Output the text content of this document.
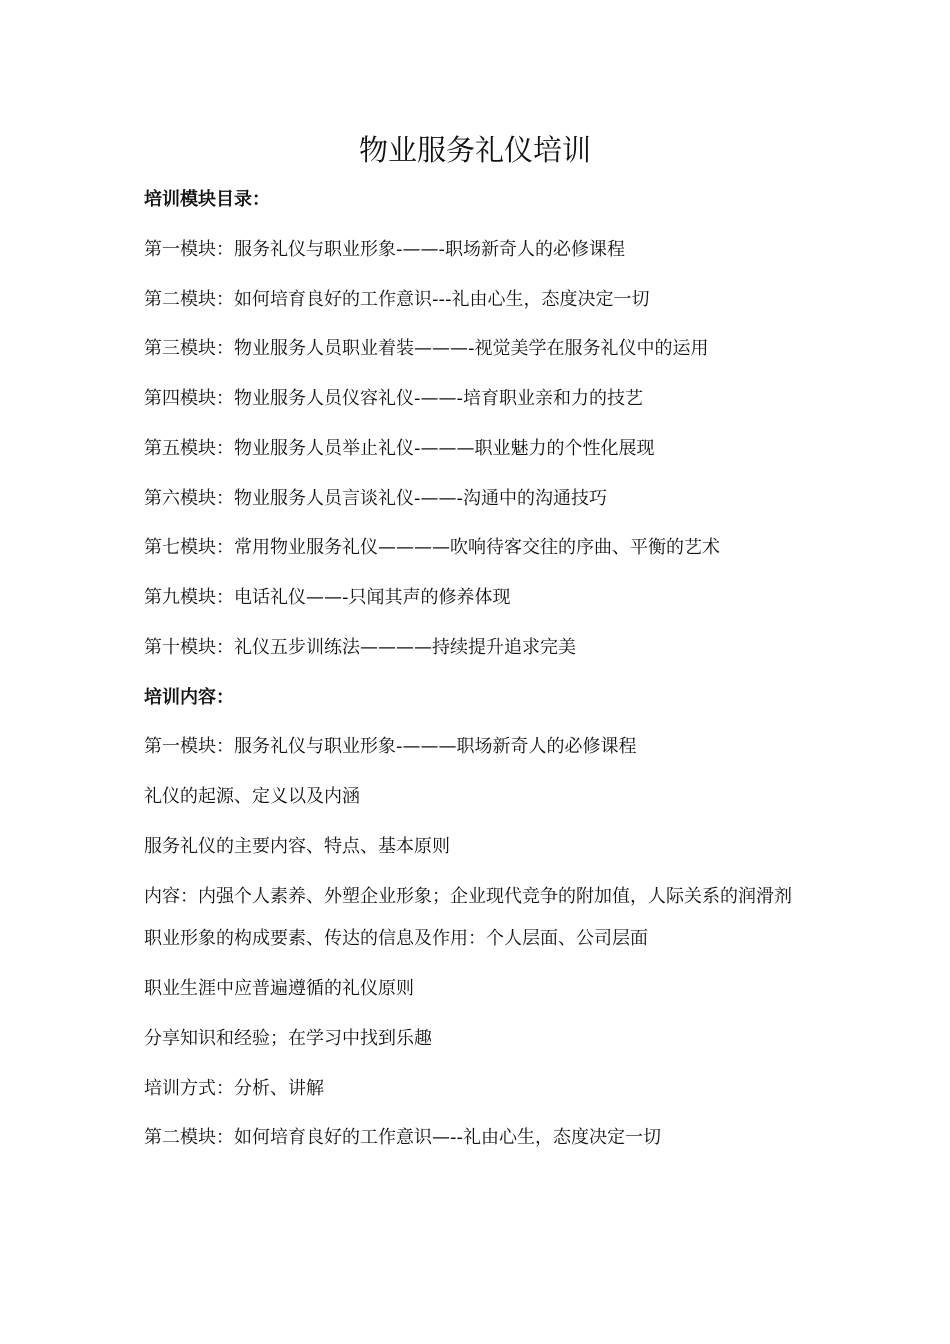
物业服务礼仪培训
培训模块目录：
第一模块：服务礼仪与职业形象-——-职场新奇人的必修课程
第二模块：如何培育良好的工作意识---礼由心生，态度决定一切
第三模块：物业服务人员职业着装———-视觉美学在服务礼仪中的运用
第四模块：物业服务人员仪容礼仪-——-培育职业亲和力的技艺
第五模块：物业服务人员举止礼仪-———职业魅力的个性化展现
第六模块：物业服务人员言谈礼仪-——-沟通中的沟通技巧
第七模块：常用物业服务礼仪————吹响待客交往的序曲、平衡的艺术
第九模块：电话礼仪——-只闻其声的修养体现
第十模块：礼仪五步训练法————持续提升追求完美
培训内容：
第一模块：服务礼仪与职业形象-———职场新奇人的必修课程
礼仪的起源、定义以及内涵
服务礼仪的主要内容、特点、基本原则
内容：内强个人素养、外塑企业形象；企业现代竞争的附加值，人际关系的润滑剂
职业形象的构成要素、传达的信息及作用：个人层面、公司层面
职业生涯中应普遍遵循的礼仪原则
分享知识和经验；在学习中找到乐趣
培训方式：分析、讲解
第二模块：如何培育良好的工作意识—--礼由心生，态度决定一切
